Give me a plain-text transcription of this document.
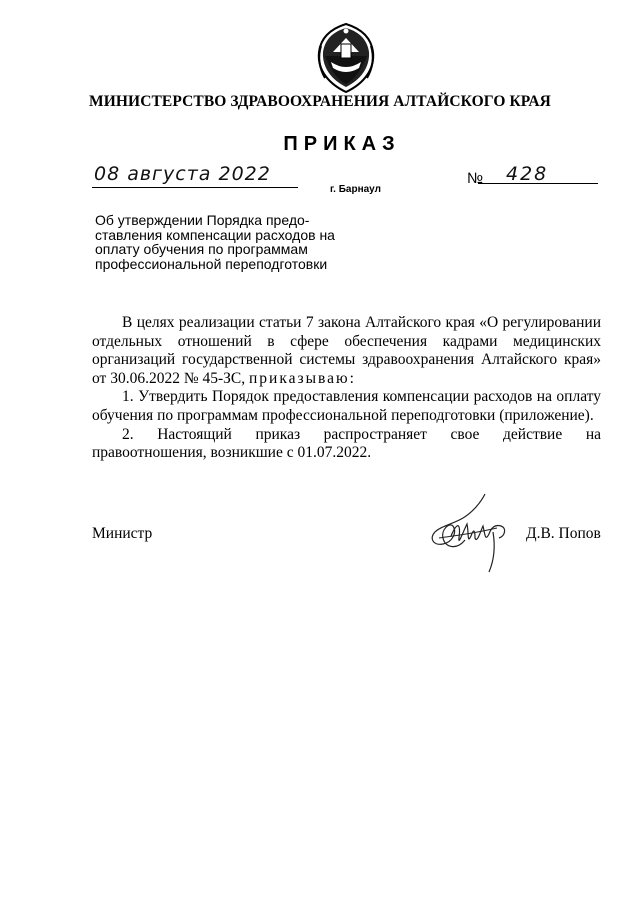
МИНИСТЕРСТВО ЗДРАВООХРАНЕНИЯ АЛТАЙСКОГО КРАЯ
ПРИКАЗ
08 августа 2022
г. Барнаул
№ 428
Об утверждении Порядка предо-
ставления компенсации расходов на
оплату обучения по программам
профессиональной переподготовки

В целях реализации статьи 7 закона Алтайского края «О регулировании отдельных отношений в сфере обеспечения кадрами медицинских организаций государственной системы здравоохранения Алтайского края» от 30.06.2022 № 45-ЗС, приказываю:

1. Утвердить Порядок предоставления компенсации расходов на оплату обучения по программам профессиональной переподготовки (приложение).

2. Настоящий приказ распространяет свое действие на правоотношения, возникшие с 01.07.2022.

Министр	Д.В. Попов
